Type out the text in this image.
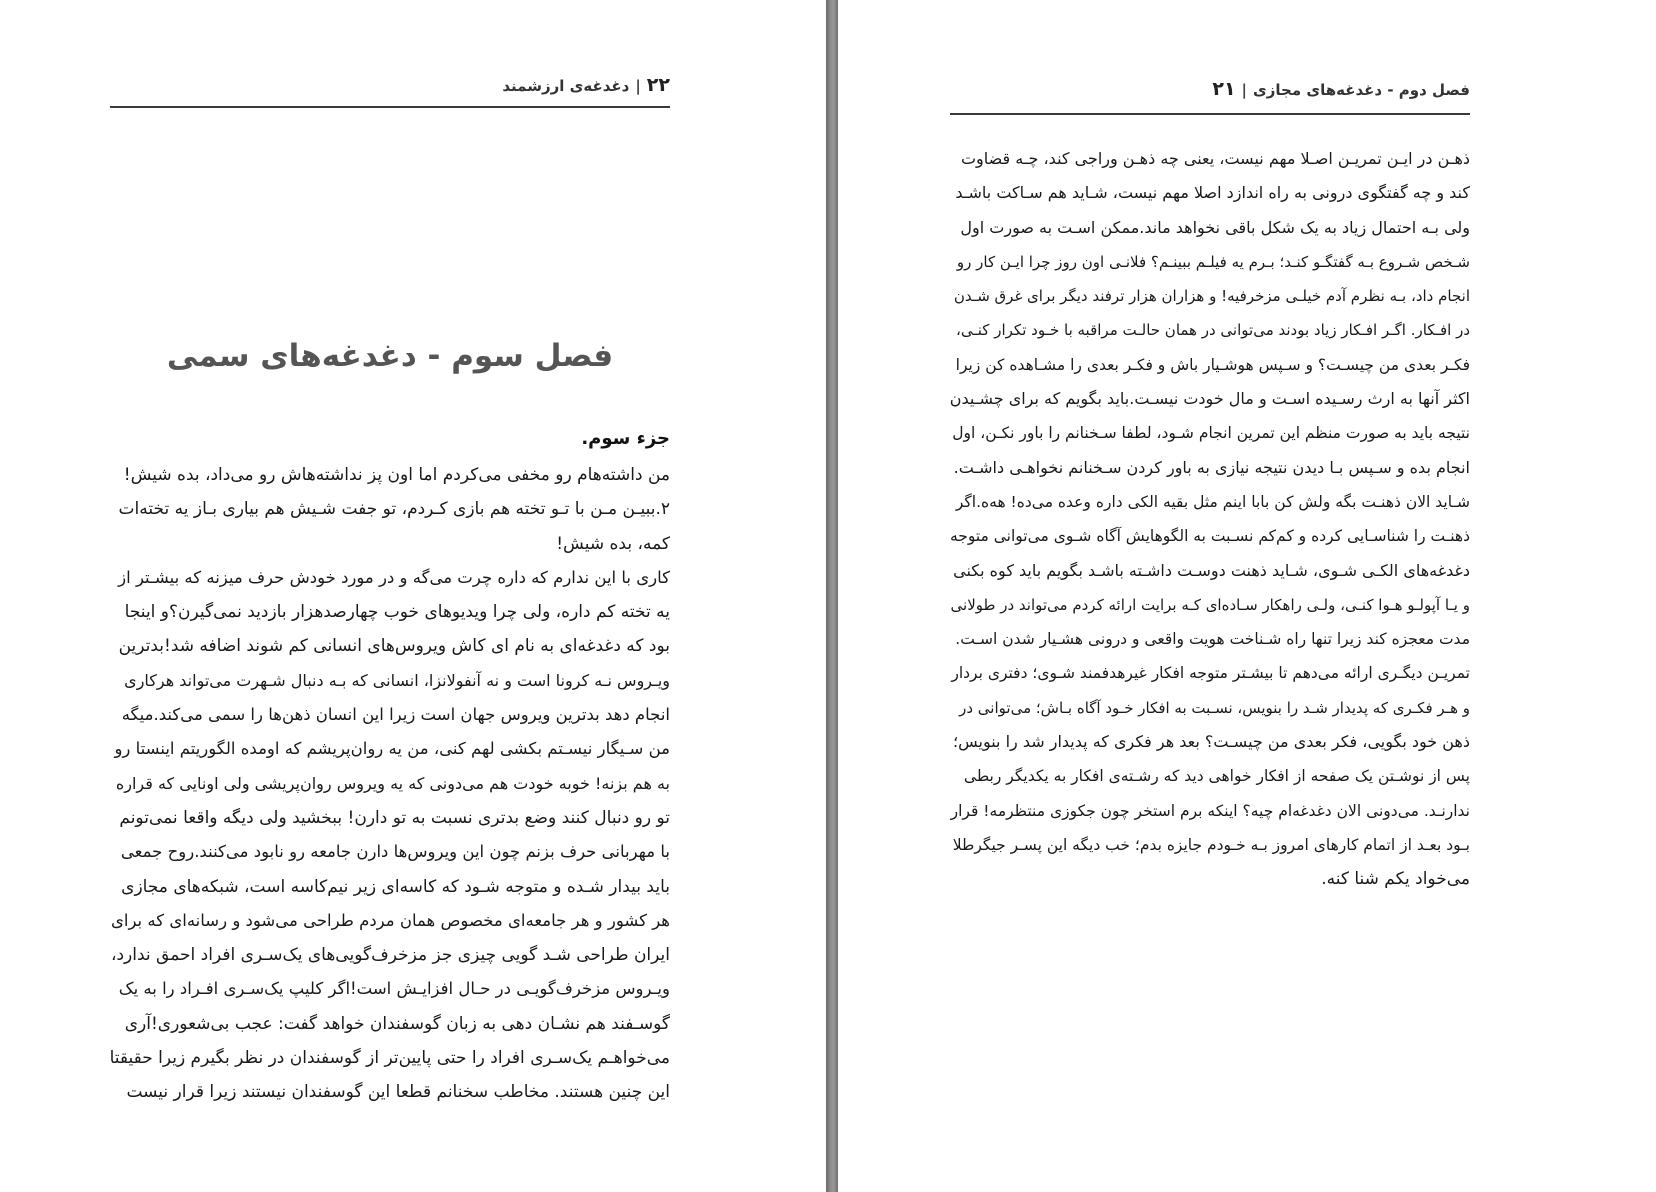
۲۲|دغدغه‌ی ارزشمند
فصل سوم - دغدغه‌های سمی
جزء سوم.
من داشته‌هام رو مخفی می‌کردم اما اون پز نداشته‌هاش رو می‌داد، بده شیش!
۲.ببیـن مـن با تـو تخته هم بازی کـردم، تو جفت شـیش هم بیاری بـاز یه تخته‌ات
کمه، بده شیش!
کاری با این ندارم که داره چرت می‌گه و در مورد خودش حرف میزنه که بیشـتر از
یه تخته کم داره، ولی چرا ویدیوهای خوب چهارصدهزار بازدید نمی‌گیرن؟و اینجا
بود که دغدغه‌ای به نام ای کاش ویروس‌های انسانی کم شوند اضافه شد!بدترین
ویـروس نـه کرونا است و نه آنفولانزا، انسانی که بـه دنبال شـهرت می‌تواند هرکاری
انجام دهد بدترین ویروس جهان است زیرا این انسان ذهن‌ها را سمی می‌کند.میگه
من سـیگار نیسـتم بکشی لهم کنی، من یه روان‌پریشم که اومده الگوریتم اینستا رو
به هم بزنه! خوبه خودت هم می‌دونی که یه ویروس روان‌پریشی ولی اونایی که قراره
تو رو دنبال کنند وضع بدتری نسبت به تو دارن! ببخشید ولی دیگه واقعا نمی‌تونم
با مهربانی حرف بزنم چون این ویروس‌ها دارن جامعه رو نابود می‌کنند.روح جمعی
باید بیدار شـده و متوجه شـود که کاسه‌ای زیر نیم‌کاسه است، شبکه‌های مجازی
هر کشور و هر جامعه‌ای مخصوص همان مردم طراحی می‌شود و رسانه‌ای که برای
ایران طراحی شـد گویی چیزی جز مزخرف‌گویی‌های یک‌سـری افراد احمق ندارد،
ویـروس مزخرف‌گویـی در حـال افزایـش است!اگر کلیپ یک‌سـری افـراد را به یک
گوسـفند هم نشـان دهی به زبان گوسفندان خواهد گفت: عجب بی‌شعوری!آری
می‌خواهـم یک‌سـری افراد را حتی پایین‌تر از گوسفندان در نظر بگیرم زیرا حقیقتا
این چنین هستند. مخاطب سخنانم قطعا این گوسفندان نیستند زیرا قرار نیست
فصل دوم - دغدغه‌های مجازی|۲۱
ذهـن در ایـن تمریـن اصـلا مهم نیست، یعنی چه ذهـن وراجی کند، چـه قضاوت
کند و چه گفتگوی درونی به راه اندازد اصلا مهم نیست، شـاید هم سـاکت باشـد
ولی بـه احتمال زیاد به یک شکل باقی نخواهد ماند.ممکن اسـت به صورت اول
شـخص شـروع بـه گفتگـو کنـد؛ بـرم یه فیلـم ببینـم؟ فلانـی اون روز چرا ایـن کار رو
انجام داد، بـه نظرم آدم خیلـی مزخرفیه! و هزاران هزار ترفند دیگر برای غرق شـدن
در افـکار. اگـر افـکار زیاد بودند می‌توانی در همان حالـت مراقبه با خـود تکرار کنـی،
فکـر بعدی من چیسـت؟ و سـپس هوشـیار باش و فکـر بعدی را مشـاهده کن زیرا
اکثر آنها به ارث رسـیده اسـت و مال خودت نیسـت.باید بگویم که برای چشـیدن
نتیجه باید به صورت منظم این تمرین انجام شـود، لطفا سـخنانم را باور نکـن، اول
انجام بده و سـپس بـا دیدن نتیجه نیازی به باور کردن سـخنانم نخواهـی داشـت.
شـاید الان ذهنـت بگه ولش کن بابا اینم مثل بقیه الکی داره وعده می‌ده! هه‌ه.اگر
ذهنـت را شناسـایی کرده و کم‌کم نسـبت به الگوهایش آگاه شـوی می‌توانی متوجه
دغدغه‌های الکـی شـوی، شـاید ذهنت دوسـت داشـته باشـد بگویم باید کوه بکنی
و یـا آپولـو هـوا کنـی، ولـی راهکار سـاده‌ای کـه برایت ارائه کردم می‌تواند در طولانی
مدت معجزه کند زیرا تنها راه شـناخت هویت واقعی و درونی هشـیار شدن اسـت.
تمریـن دیگـری ارائه می‌دهم تا بیشـتر متوجه افکار غیرهدفمند شـوی؛ دفتری بردار
و هـر فکـری که پدیدار شـد را بنویس، نسـبت به افکار خـود آگاه بـاش؛ می‌توانی در
ذهن خود بگویی، فکر بعدی من چیسـت؟ بعد هر فکری که پدیدار شد را بنویس؛
پس از نوشـتن یک صفحه از افکار خواهی دید که رشـته‌ی افکار به یکدیگر ربطی
ندارنـد. می‌دونی الان دغدغه‌ام چیه؟ اینکه برم استخر چون جکوزی منتظرمه! قرار
بـود بعـد از اتمام کارهای امروز بـه خـودم جایزه بدم؛ خب دیگه این پسـر جیگرطلا
می‌خواد یکم شنا کنه.
